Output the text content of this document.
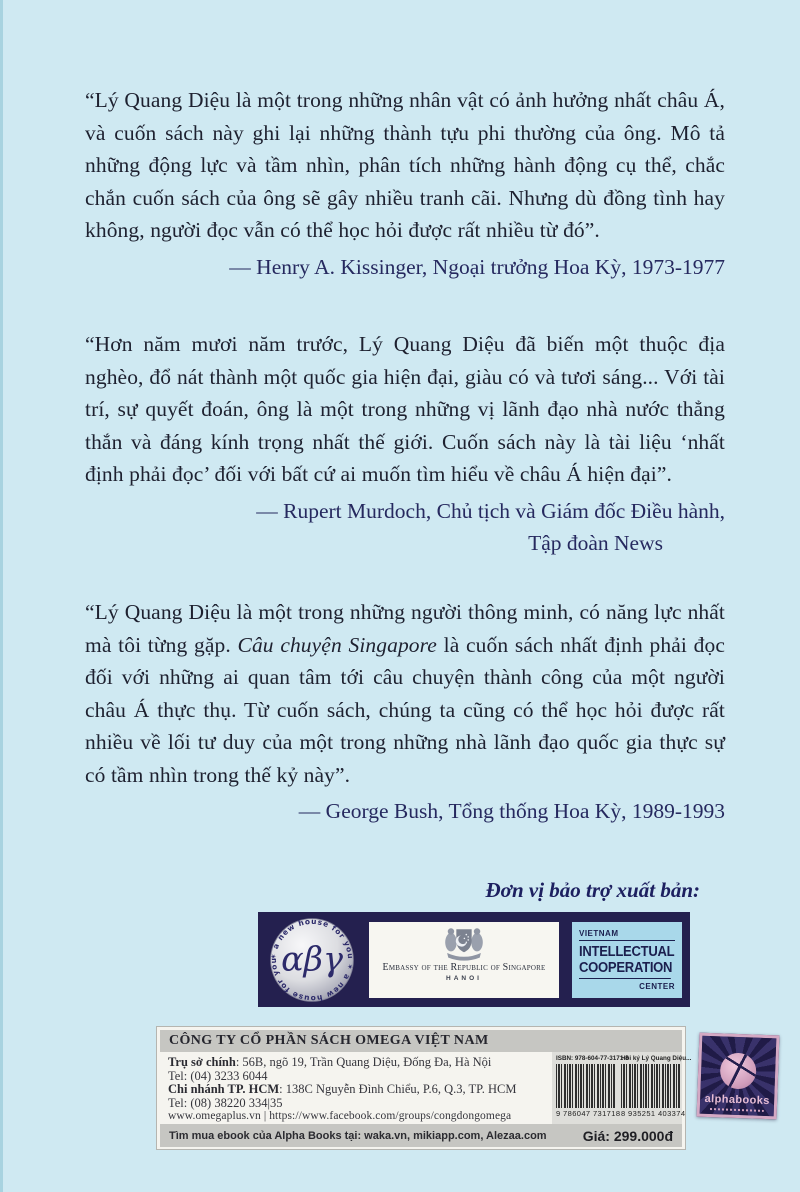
“Lý Quang Diệu là một trong những nhân vật có ảnh hưởng nhất châu Á, và cuốn sách này ghi lại những thành tựu phi thường của ông. Mô tả những động lực và tầm nhìn, phân tích những hành động cụ thể, chắc chắn cuốn sách của ông sẽ gây nhiều tranh cãi. Nhưng dù đồng tình hay không, người đọc vẫn có thể học hỏi được rất nhiều từ đó”.

— Henry A. Kissinger, Ngoại trưởng Hoa Kỳ, 1973-1977

“Hơn năm mươi năm trước, Lý Quang Diệu đã biến một thuộc địa nghèo, đổ nát thành một quốc gia hiện đại, giàu có và tươi sáng... Với tài trí, sự quyết đoán, ông là một trong những vị lãnh đạo nhà nước thẳng thắn và đáng kính trọng nhất thế giới. Cuốn sách này là tài liệu ‘nhất định phải đọc’ đối với bất cứ ai muốn tìm hiểu về châu Á hiện đại”.

— Rupert Murdoch, Chủ tịch và Giám đốc Điều hành,

Tập đoàn News

“Lý Quang Diệu là một trong những người thông minh, có năng lực nhất mà tôi từng gặp. Câu chuyện Singapore là cuốn sách nhất định phải đọc đối với những ai quan tâm tới câu chuyện thành công của một người châu Á thực thụ. Từ cuốn sách, chúng ta cũng có thể học hỏi được rất nhiều về lối tư duy của một trong những nhà lãnh đạo quốc gia thực sự có tầm nhìn trong thế kỷ này”.

— George Bush, Tổng thống Hoa Kỳ, 1989-1993

Đơn vị bảo trợ xuất bản:
✶ a new house for you ✶ a new house for you αβγ	Embassy of the Republic of Singapore
HANOI
VIETNAM
INTELLECTUAL
COOPERATION
CENTER
CÔNG TY CỔ PHẦN SÁCH OMEGA VIỆT NAM

Trụ sở chính: 56B, ngõ 19, Trần Quang Diệu, Đống Đa, Hà Nội

Tel: (04) 3233 6044

Chi nhánh TP. HCM: 138C Nguyễn Đình Chiểu, P.6, Q.3, TP. HCM

Tel: (08) 38220 334|35

www.omegaplus.vn | https://www.facebook.com/groups/congdongomega

ISBN: 978-604-77-3171-8
9 786047 731718
Hồi ký Lý Quang Diệu...
8 935251 403374
Tìm mua ebook của Alpha Books tại: waka.vn, mikiapp.com, Alezaa.com	Giá: 299.000đ
alphabooks
